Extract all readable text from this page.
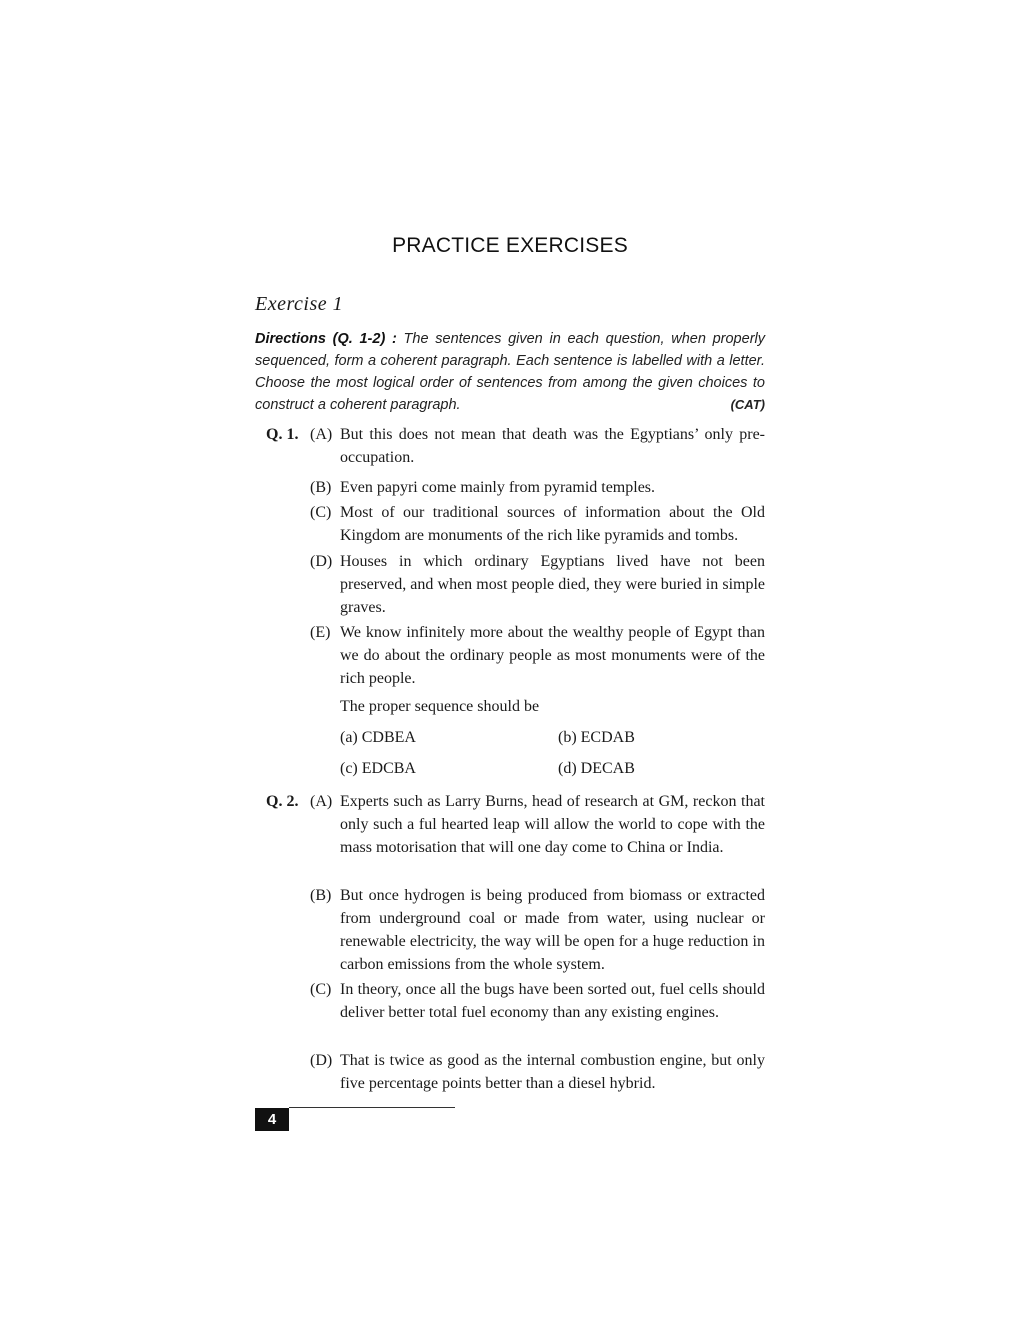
PRACTICE EXERCISES
Exercise 1
Directions (Q. 1-2) : The sentences given in each question, when properly sequenced, form a coherent paragraph. Each sentence is labelled with a letter. Choose the most logical order of sentences from among the given choices to construct a coherent paragraph.	(CAT)
Q. 1. (A) But this does not mean that death was the Egyptians’ only pre-occupation.
(B) Even papyri come mainly from pyramid temples.
(C) Most of our traditional sources of information about the Old Kingdom are monuments of the rich like pyramids and tombs.
(D) Houses in which ordinary Egyptians lived have not been preserved, and when most people died, they were buried in simple graves.
(E) We know infinitely more about the wealthy people of Egypt than we do about the ordinary people as most monuments were of the rich people.
The proper sequence should be
(a) CDBEA	(b) ECDAB
(c) EDCBA	(d) DECAB
Q. 2. (A) Experts such as Larry Burns, head of research at GM, reckon that only such a ful hearted leap will allow the world to cope with the mass motorisation that will one day come to China or India.
(B) But once hydrogen is being produced from biomass or extracted from underground coal or made from water, using nuclear or renewable electricity, the way will be open for a huge reduction in carbon emissions from the whole system.
(C) In theory, once all the bugs have been sorted out, fuel cells should deliver better total fuel economy than any existing engines.
(D) That is twice as good as the internal combustion engine, but only five percentage points better than a diesel hybrid.
4
